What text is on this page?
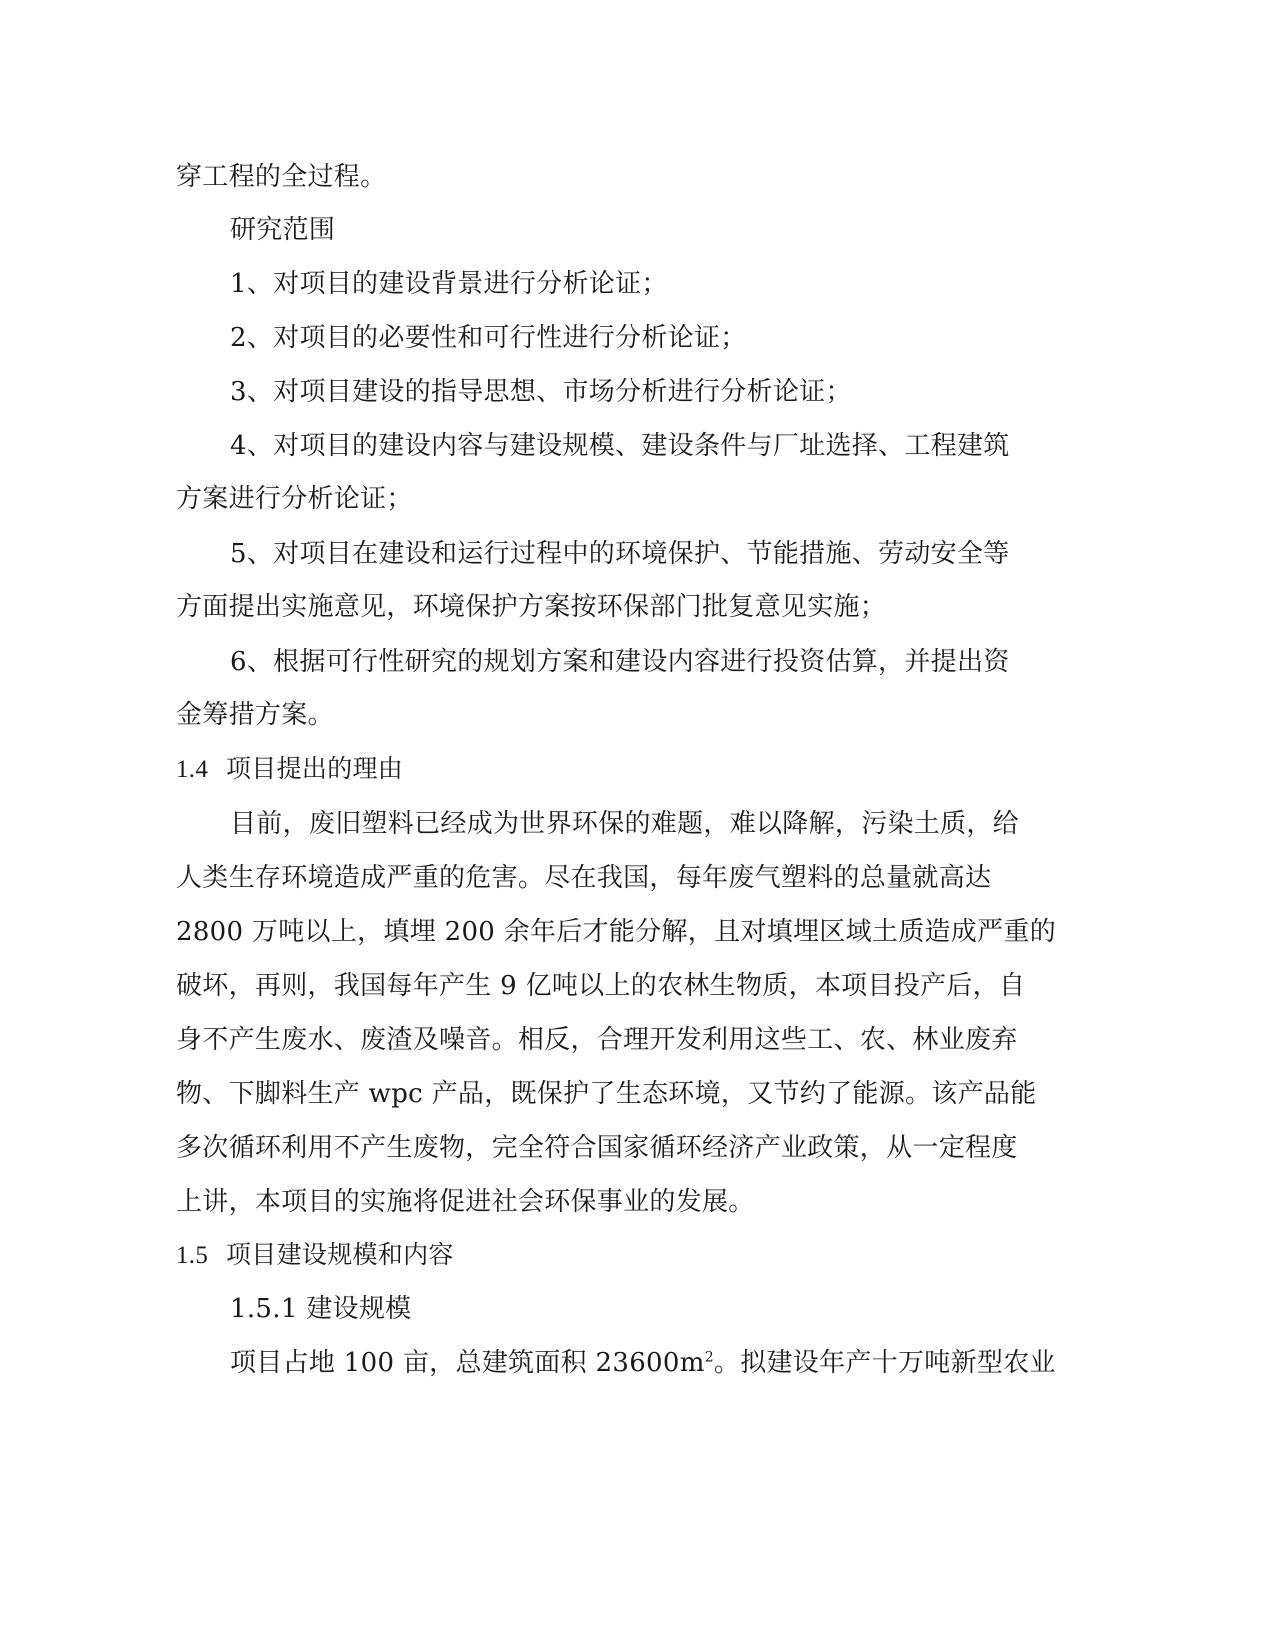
穿工程的全过程。
研究范围
1、对项目的建设背景进行分析论证；
2、对项目的必要性和可行性进行分析论证；
3、对项目建设的指导思想、市场分析进行分析论证；
4、对项目的建设内容与建设规模、建设条件与厂址选择、工程建筑
方案进行分析论证；
5、对项目在建设和运行过程中的环境保护、节能措施、劳动安全等
方面提出实施意见，环境保护方案按环保部门批复意见实施；
6、根据可行性研究的规划方案和建设内容进行投资估算，并提出资
金筹措方案。
1.4 项目提出的理由
目前，废旧塑料已经成为世界环保的难题，难以降解，污染土质，给
人类生存环境造成严重的危害。尽在我国，每年废气塑料的总量就高达
2800 万吨以上，填埋 200 余年后才能分解，且对填埋区域土质造成严重的
破坏，再则，我国每年产生 9 亿吨以上的农林生物质，本项目投产后，自
身不产生废水、废渣及噪音。相反，合理开发利用这些工、农、林业废弃
物、下脚料生产 wpc 产品，既保护了生态环境，又节约了能源。该产品能
多次循环利用不产生废物，完全符合国家循环经济产业政策，从一定程度
上讲，本项目的实施将促进社会环保事业的发展。
1.5 项目建设规模和内容
1.5.1 建设规模
项目占地 100 亩，总建筑面积 $23600m^2$。拟建设年产十万吨新型农业
